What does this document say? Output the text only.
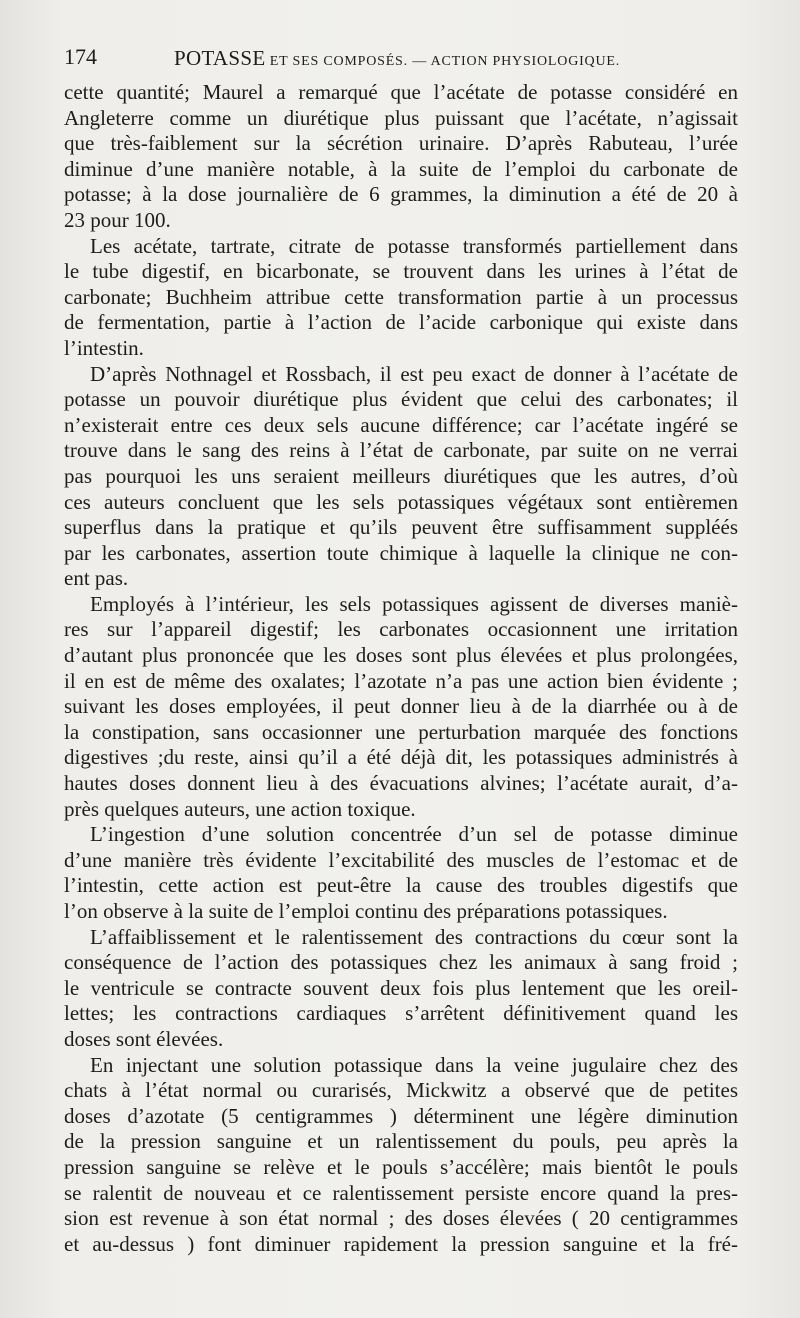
174	POTASSE ET SES COMPOSÉS. — ACTION PHYSIOLOGIQUE.
cette quantité; Maurel a remarqué que l’acétate de potasse considéré en
Angleterre comme un diurétique plus puissant que l’acétate, n’agissait
que très-faiblement sur la sécrétion urinaire. D’après Rabuteau, l’urée
diminue d’une manière notable, à la suite de l’emploi du carbonate de
potasse; à la dose journalière de 6 grammes, la diminution a été de 20 à
23 pour 100.
Les acétate, tartrate, citrate de potasse transformés partiellement dans
le tube digestif, en bicarbonate, se trouvent dans les urines à l’état de
carbonate; Buchheim attribue cette transformation partie à un processus
de fermentation, partie à l’action de l’acide carbonique qui existe dans
l’intestin.
D’après Nothnagel et Rossbach, il est peu exact de donner à l’acétate de
potasse un pouvoir diurétique plus évident que celui des carbonates; il
n’existerait entre ces deux sels aucune différence; car l’acétate ingéré se
trouve dans le sang des reins à l’état de carbonate, par suite on ne verrai
pas pourquoi les uns seraient meilleurs diurétiques que les autres, d’où
ces auteurs concluent que les sels potassiques végétaux sont entièremen
superflus dans la pratique et qu’ils peuvent être suffisamment suppléés
par les carbonates, assertion toute chimique à laquelle la clinique ne con-
ent pas.
Employés à l’intérieur, les sels potassiques agissent de diverses maniè-
res sur l’appareil digestif; les carbonates occasionnent une irritation
d’autant plus prononcée que les doses sont plus élevées et plus prolongées,
il en est de même des oxalates; l’azotate n’a pas une action bien évidente ;
suivant les doses employées, il peut donner lieu à de la diarrhée ou à de
la constipation, sans occasionner une perturbation marquée des fonctions
digestives ;du reste, ainsi qu’il a été déjà dit, les potassiques administrés à
hautes doses donnent lieu à des évacuations alvines; l’acétate aurait, d’a-
près quelques auteurs, une action toxique.
L’ingestion d’une solution concentrée d’un sel de potasse diminue
d’une manière très évidente l’excitabilité des muscles de l’estomac et de
l’intestin, cette action est peut-être la cause des troubles digestifs que
l’on observe à la suite de l’emploi continu des préparations potassiques.
L’affaiblissement et le ralentissement des contractions du cœur sont la
conséquence de l’action des potassiques chez les animaux à sang froid ;
le ventricule se contracte souvent deux fois plus lentement que les oreil-
lettes; les contractions cardiaques s’arrêtent définitivement quand les
doses sont élevées.
En injectant une solution potassique dans la veine jugulaire chez des
chats à l’état normal ou curarisés, Mickwitz a observé que de petites
doses d’azotate (5 centigrammes ) déterminent une légère diminution
de la pression sanguine et un ralentissement du pouls, peu après la
pression sanguine se relève et le pouls s’accélère; mais bientôt le pouls
se ralentit de nouveau et ce ralentissement persiste encore quand la pres-
sion est revenue à son état normal ; des doses élevées ( 20 centigrammes
et au-dessus ) font diminuer rapidement la pression sanguine et la fré-
